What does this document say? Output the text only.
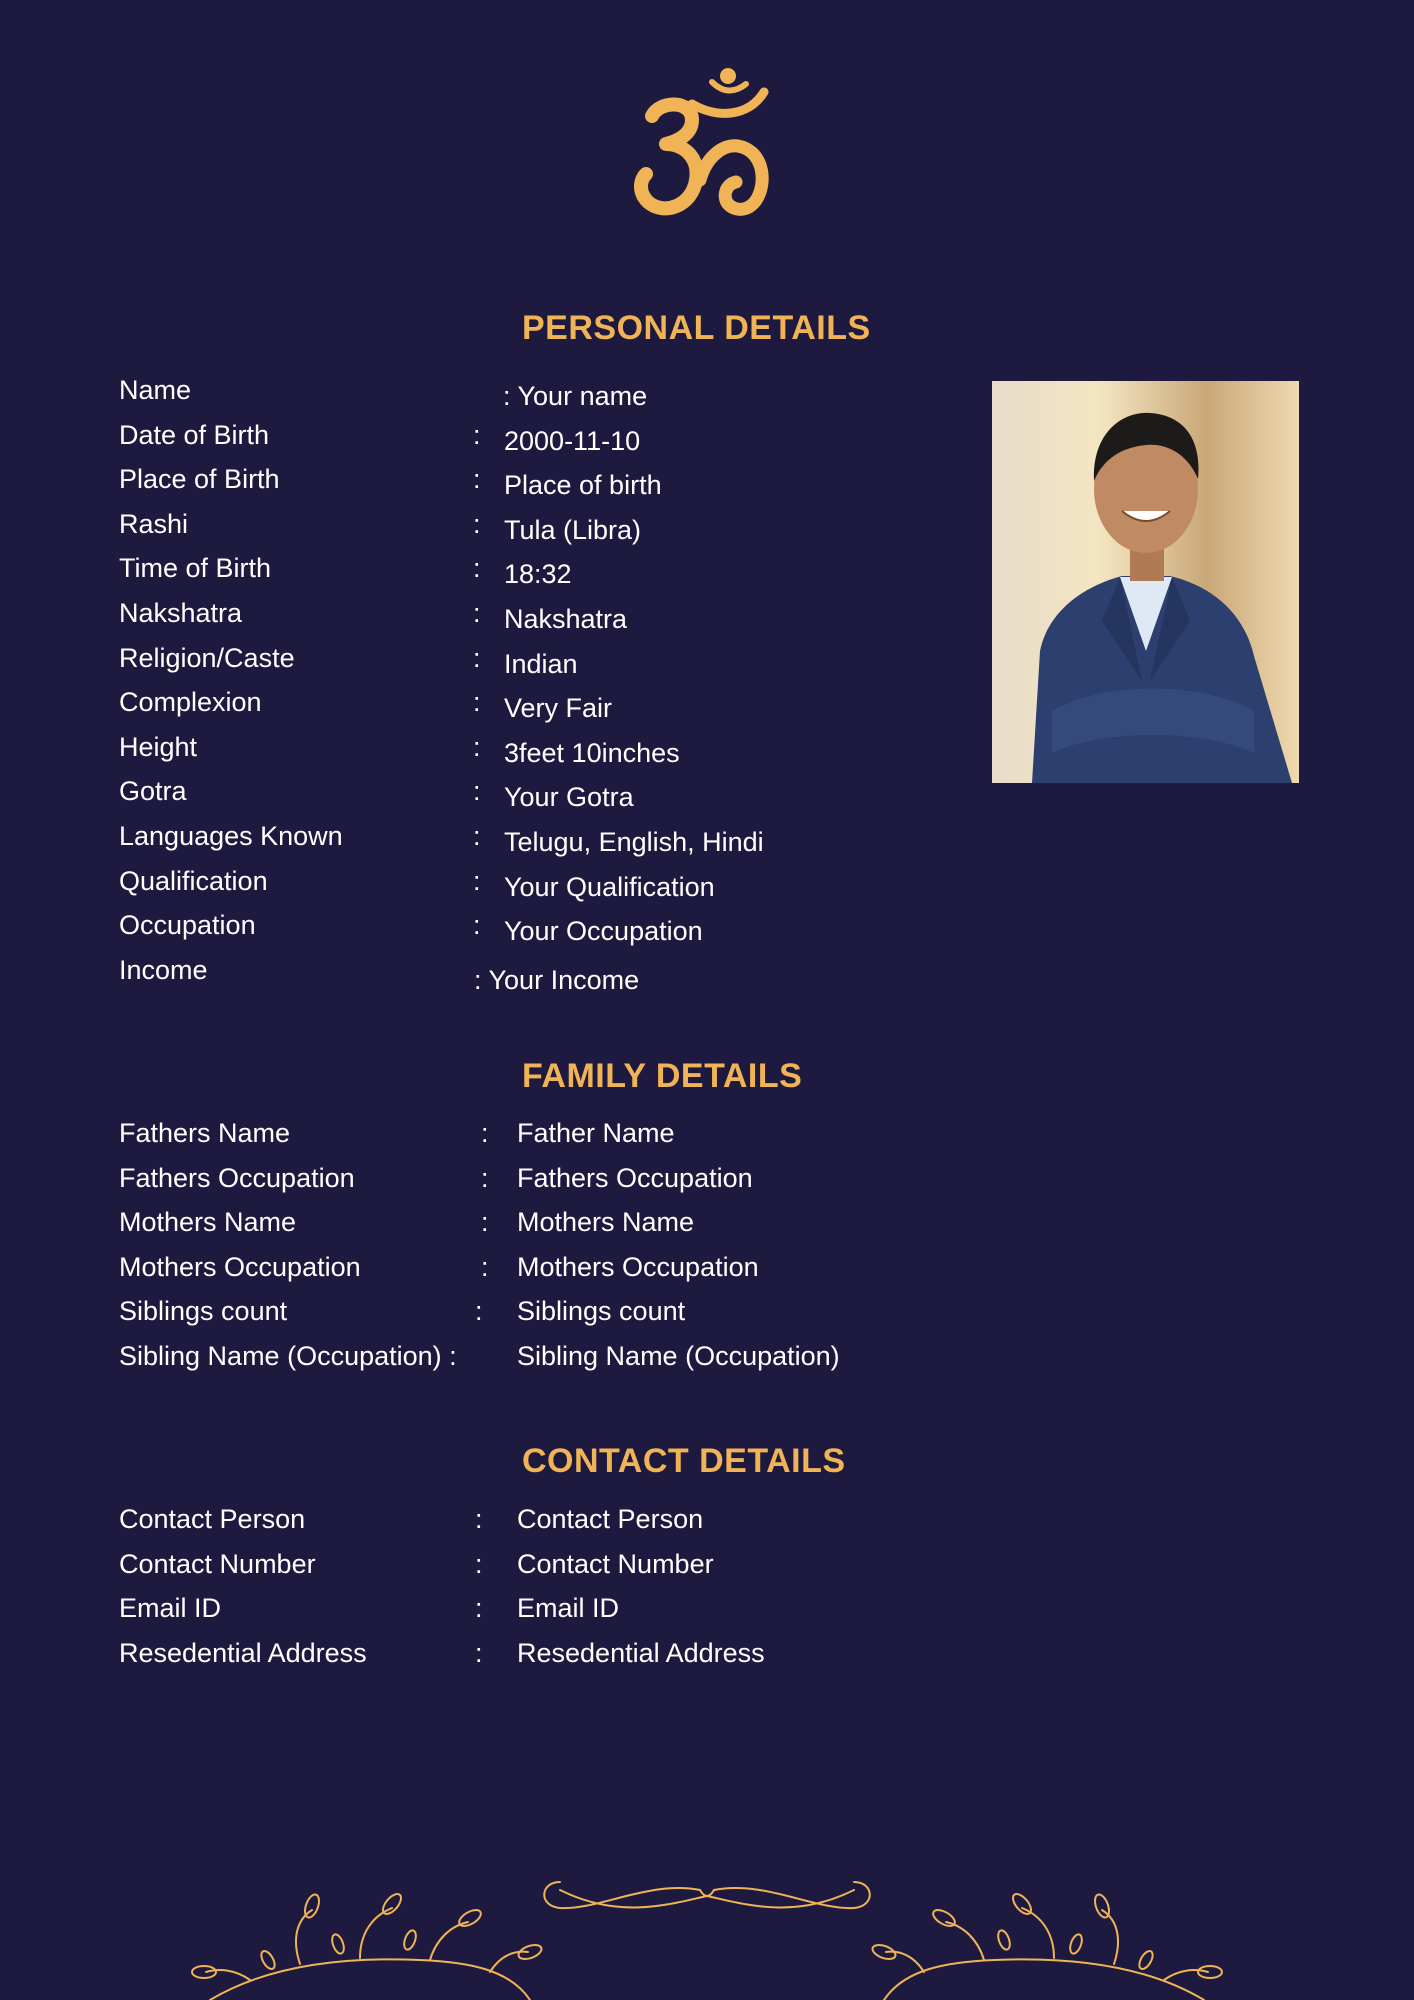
PERSONAL DETAILS
Name	: Your name
Date of Birth	: 2000-11-10
Place of Birth	: Place of birth
Rashi	: Tula (Libra)
Time of Birth	: 18:32
Nakshatra	: Nakshatra
Religion/Caste	: Indian
Complexion	: Very Fair
Height	: 3feet 10inches
Gotra	: Your Gotra
Languages Known	: Telugu, English, Hindi
Qualification	: Your Qualification
Occupation	: Your Occupation
Income	: Your Income
FAMILY DETAILS
Fathers Name	: Father Name
Fathers Occupation	: Fathers Occupation
Mothers Name	: Mothers Name
Mothers Occupation	: Mothers Occupation
Siblings count	: Siblings count
Sibling Name (Occupation) : Sibling Name (Occupation)
CONTACT DETAILS
Contact Person	: Contact Person
Contact Number	: Contact Number
Email ID	: Email ID
Resedential Address	: Resedential Address
